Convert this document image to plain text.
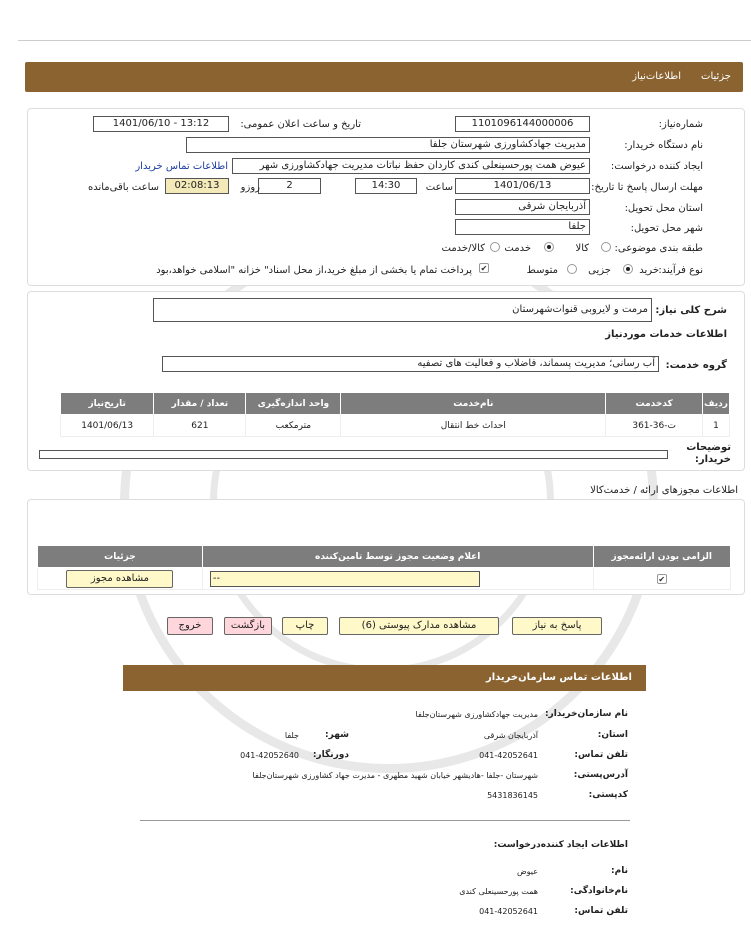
جزئیات
اطلاعات‌نیاز
شماره‌نیاز:
1101096144000006
تاریخ و ساعت اعلان عمومی:
1401/06/10 - 13:12
نام دستگاه خریدار:
مدیریت جهادکشاورزی شهرستان جلفا
ایجاد کننده درخواست:
عیوض همت پورحسینعلی کندی کاردان حفظ نباتات مدیریت جهادکشاورزی شهر
اطلاعات تماس خریدار
مهلت ارسال پاسخ تا تاریخ:
1401/06/13
ساعت
14:30
2
روزو
02:08:13
ساعت باقی‌مانده
استان محل تحویل:
آذربایجان شرقی
شهر محل تحویل:
جلفا
طبقه بندی موضوعی:
کالا
خدمت
کالا/خدمت
نوع فرآیند:
خرید
جزیی
متوسط
✔
پرداخت تمام یا بخشی از مبلغ خرید،از محل اسناد" خزانه "اسلامی خواهد،بود
شرح کلی نیاز:
مرمت و لایروبی قنوات‌شهرستان
اطلاعات خدمات موردنیاز
گروه خدمت:
آب رسانی؛ مدیریت پسماند، فاضلاب و فعالیت های تصفیه
ردیف	کدخدمت	نام‌خدمت	واحد اندازه‌گیری	تعداد / مقدار	تاریخ‌نیاز
1	ت-36-361	احداث خط انتقال	مترمکعب	621	1401/06/13
توضیحات خریدار:
اطلاعات مجوزهای ارائه / خدمت‌کالا
الزامی بودن ارائه‌مجوز	اعلام وضعیت مجوز توسط تامین‌کننده	جزئیات

✔	--	مشاهده مجوز
پاسخ به نیاز
مشاهده مدارک پیوستی (6)
چاپ
بازگشت
خروج
اطلاعات تماس سازمان‌خریدار
نام سازمان‌خریدار:
مدیریت جهادکشاورزی شهرستان‌جلفا
استان:
آذربایجان شرقی
شهر:
جلفا
تلفن تماس:
041-42052641
دورنگار:
041-42052640
آدرس‌پستی:
شهرستان -جلفا -هادیشهر خیابان شهید مطهری - مدیرت جهاد کشاورزی شهرستان‌جلفا
کدپستی:
5431836145
اطلاعات ایجاد کننده‌درخواست:
نام:
عیوض
نام‌خانوادگی:
همت پورحسینعلی کندی
تلفن تماس:
041-42052641
